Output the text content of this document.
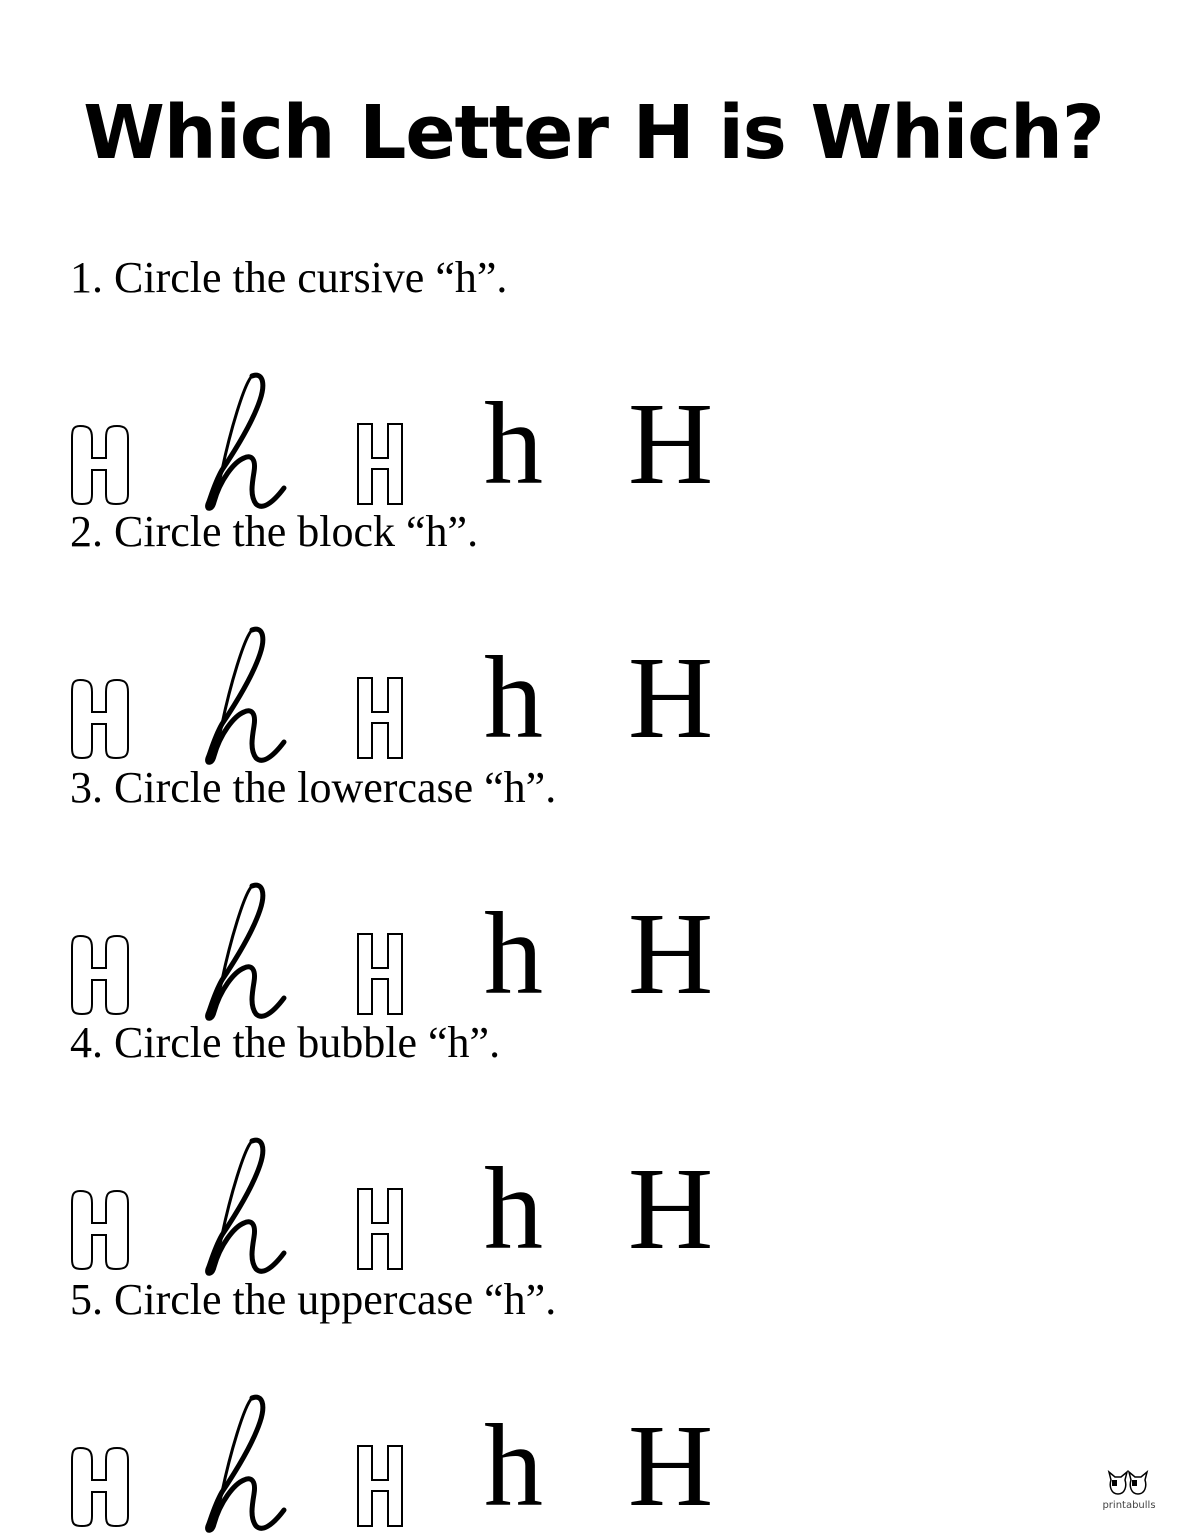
Which Letter H is Which?
1. Circle the cursive “h”.
h H
2. Circle the block “h”.
h H
3. Circle the lowercase “h”.
h H
4. Circle the bubble “h”.
h H
5. Circle the uppercase “h”.
h H	printabulls
